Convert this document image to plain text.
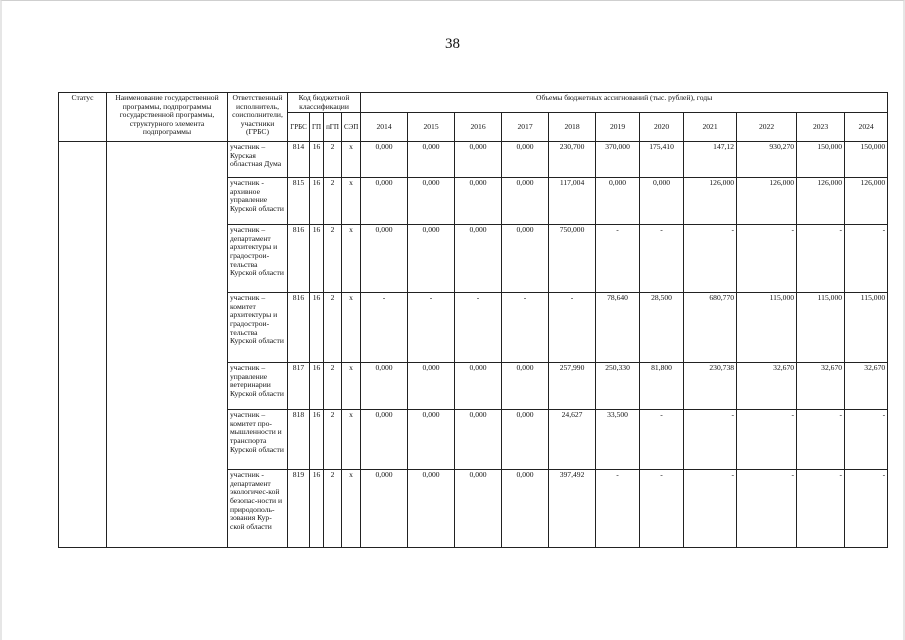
38
Статус	Наименование государственной программы, подпрограммы государственной программы, структурного элемента подпрограммы	Ответственный исполнитель, соисполнители, участники (ГРБС)	Код бюджетной классификации				Объемы бюджетных ассигнований (тыс. рублей), годы										
			ГРБС	ГП	пГП	СЭП	2014	2015	2016	2017	2018	2019	2020	2021	2022	2023	2024
		участник – Курская областная Дума	814	16	2	х	0,000	0,000	0,000	0,000	230,700	370,000	175,410	147,12	930,270	150,000	150,000
		участник - архивное управление Курской области	815	16	2	х	0,000	0,000	0,000	0,000	117,004	0,000	0,000	126,000	126,000	126,000	126,000
		участник – департамент архитектуры и градострои-тельства Курской области	816	16	2	х	0,000	0,000	0,000	0,000	750,000	-	-	-	-	-	-
		участник – комитет архитектуры и градострои-тельства Курской области	816	16	2	х	-	-	-	-	-	78,640	28,500	680,770	115,000	115,000	115,000
		участник – управление ветеринарии Курской области	817	16	2	х	0,000	0,000	0,000	0,000	257,990	250,330	81,800	230,738	32,670	32,670	32,670
		участник – комитет про-мышленности и транспорта Курской области	818	16	2	х	0,000	0,000	0,000	0,000	24,627	33,500	-	-	-	-	-
		участник - департамент экологичес-кой безопас-ности и природополь-зования Кур-ской области	819	16	2	х	0,000	0,000	0,000	0,000	397,492	-	-	-	-	-	-
